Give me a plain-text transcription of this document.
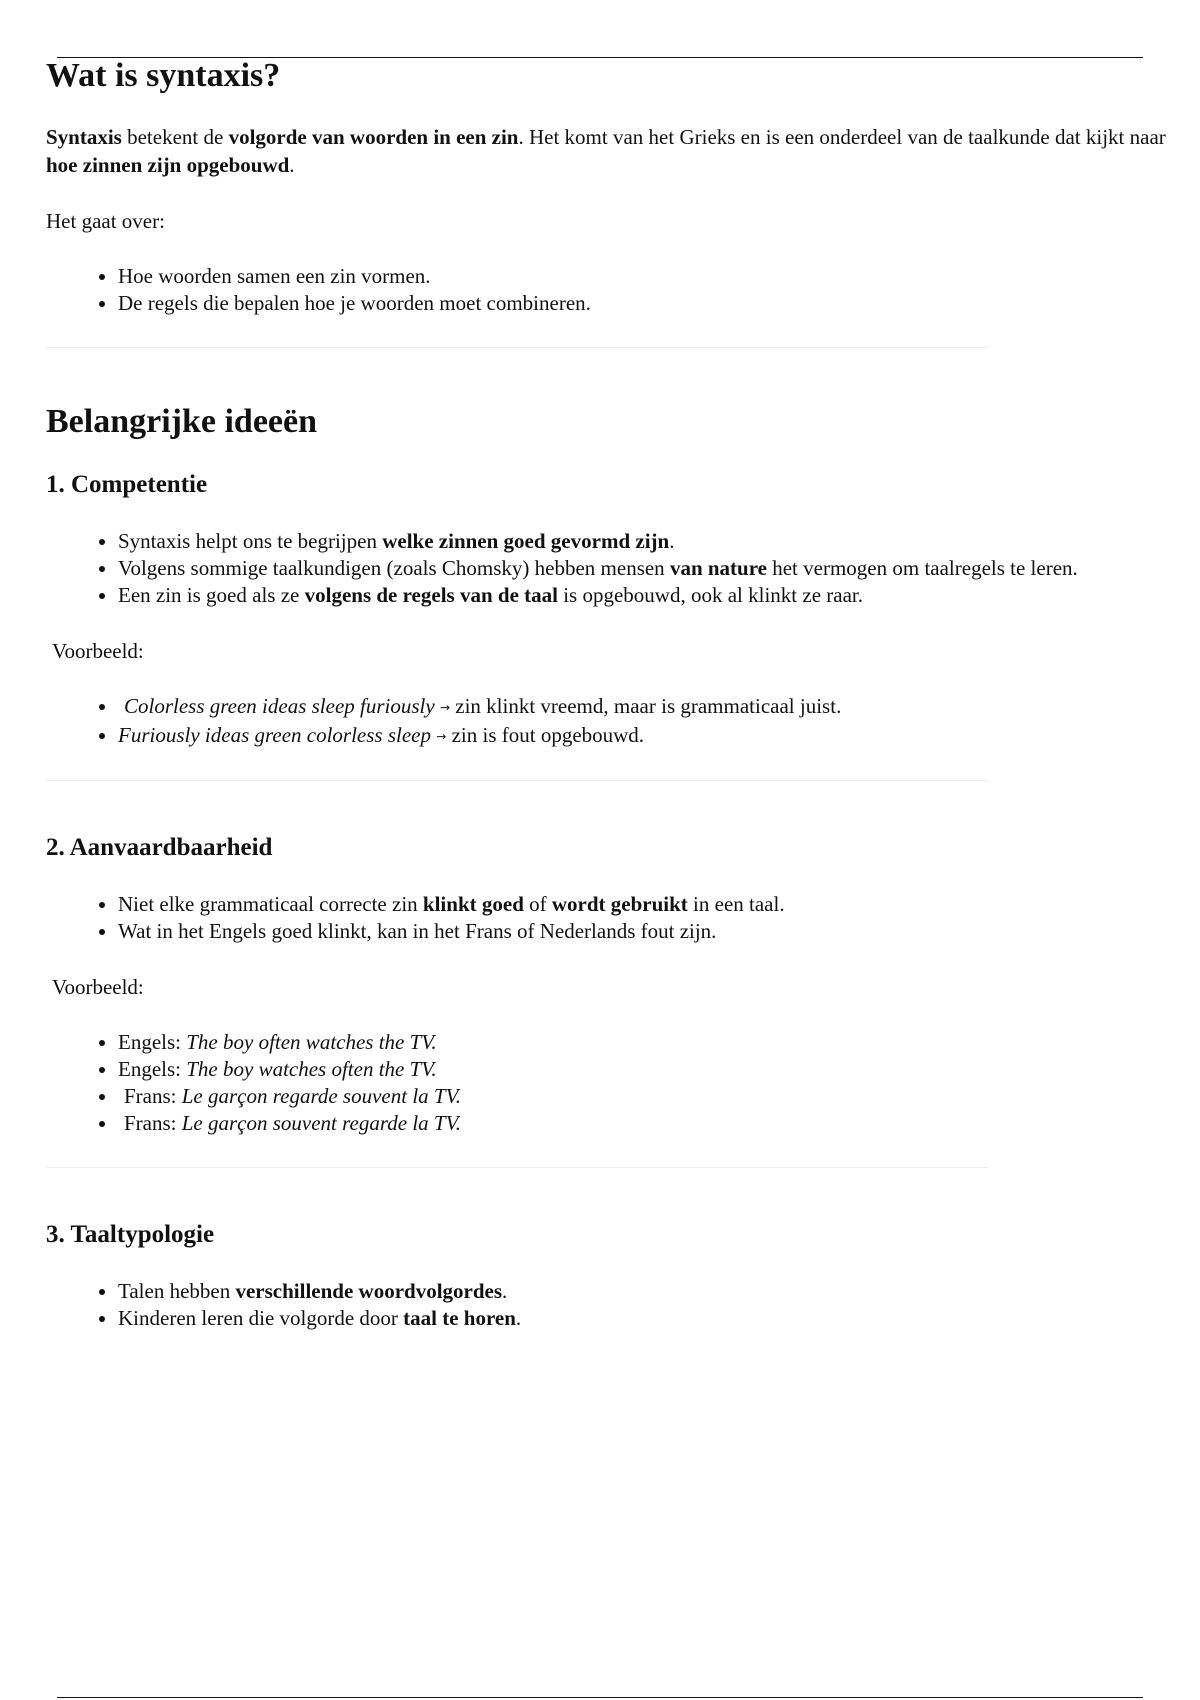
Wat is syntaxis?

Syntaxis betekent de volgorde van woorden in een zin. Het komt van het Grieks en is een onderdeel van de taalkunde dat kijkt naar hoe zinnen zijn opgebouwd.

Het gaat over:

• Hoe woorden samen een zin vormen.
• De regels die bepalen hoe je woorden moet combineren.
Belangrijke ideeën
1. Competentie
• Syntaxis helpt ons te begrijpen welke zinnen goed gevormd zijn.
• Volgens sommige taalkundigen (zoals Chomsky) hebben mensen van nature het vermogen om taalregels te leren.
• Een zin is goed als ze volgens de regels van de taal is opgebouwd, ook al klinkt ze raar.

Voorbeeld:

• Colorless green ideas sleep furiously → zin klinkt vreemd, maar is grammaticaal juist.
• Furiously ideas green colorless sleep → zin is fout opgebouwd.
2. Aanvaardbaarheid
• Niet elke grammaticaal correcte zin klinkt goed of wordt gebruikt in een taal.
• Wat in het Engels goed klinkt, kan in het Frans of Nederlands fout zijn.

Voorbeeld:

• Engels: The boy often watches the TV.
• Engels: The boy watches often the TV.
• Frans: Le garçon regarde souvent la TV.
• Frans: Le garçon souvent regarde la TV.
3. Taaltypologie
• Talen hebben verschillende woordvolgordes.
• Kinderen leren die volgorde door taal te horen.
